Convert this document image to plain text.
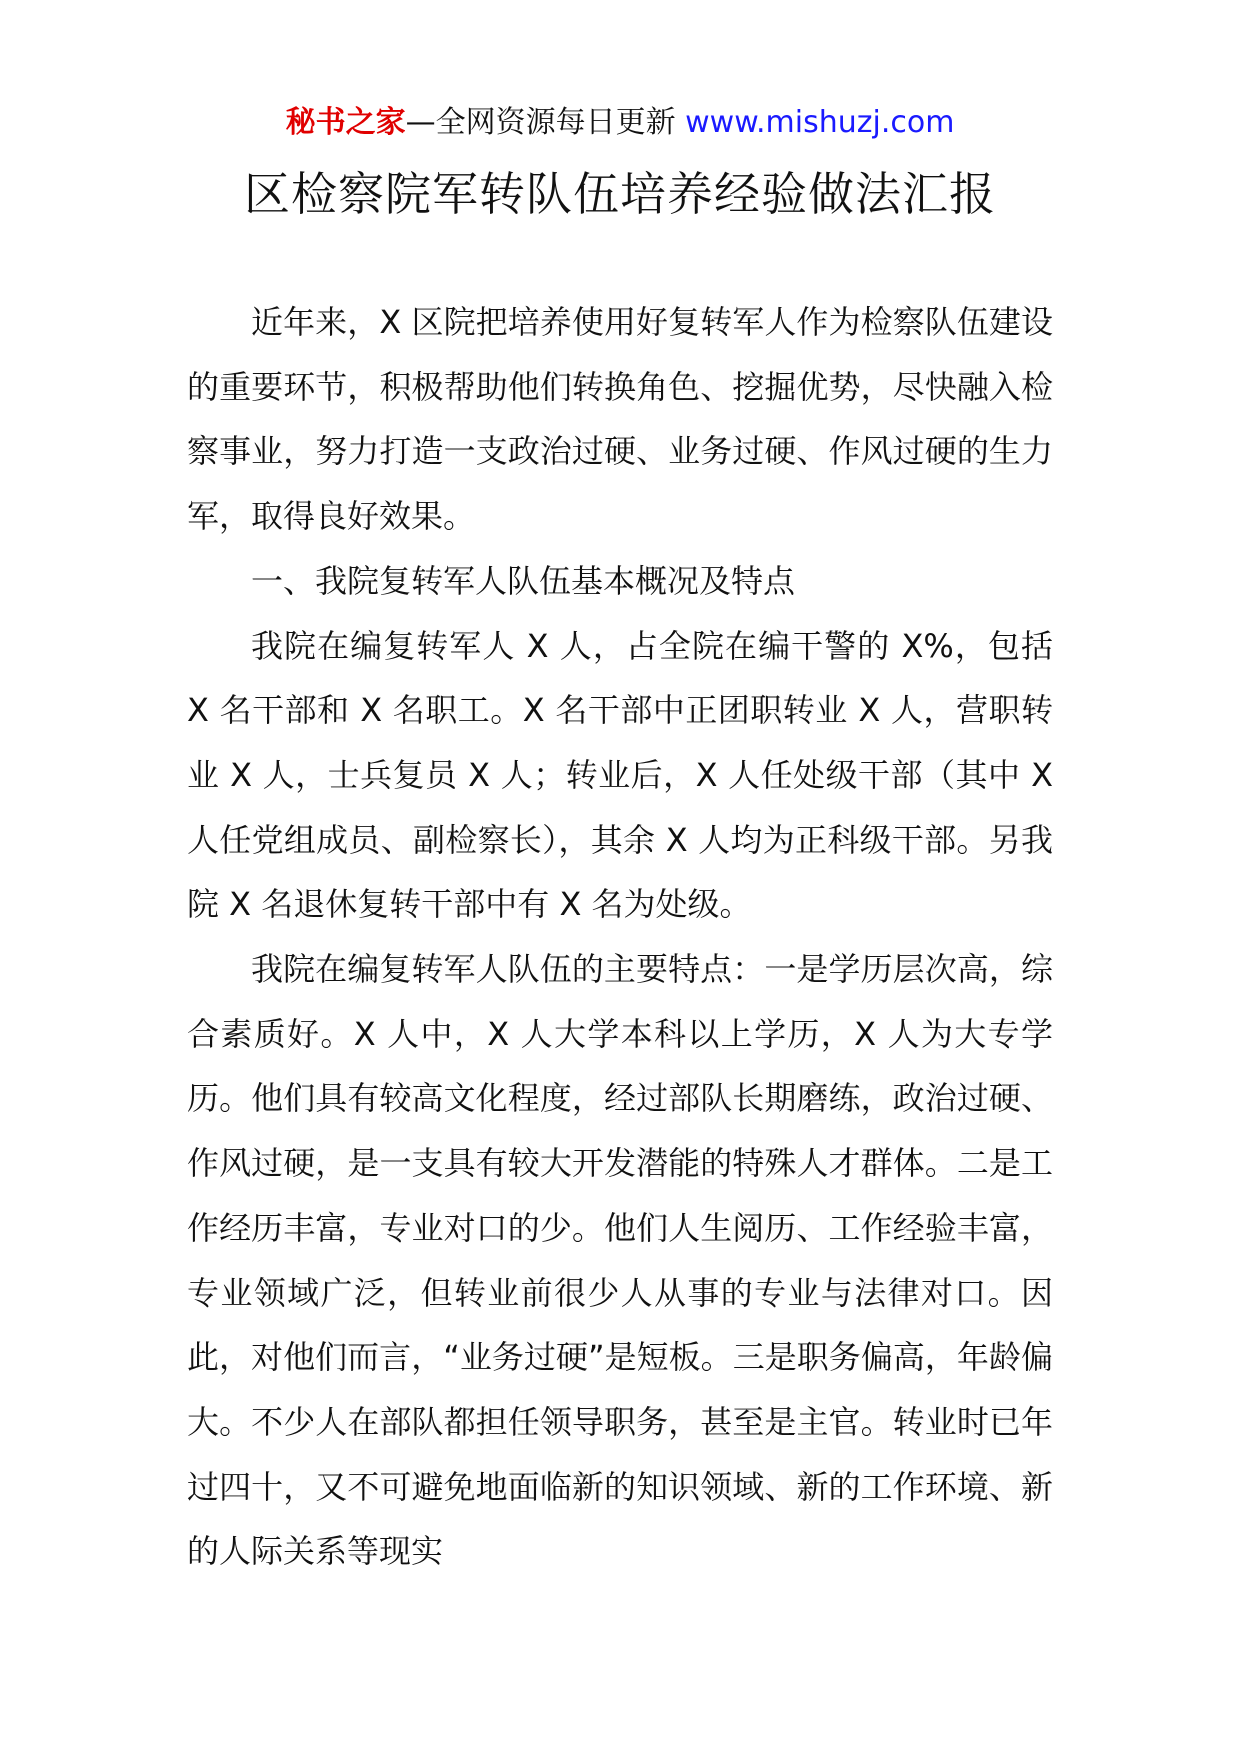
秘书之家—全网资源每日更新 www.mishuzj.com
区检察院军转队伍培养经验做法汇报

近年来，X 区院把培养使用好复转军人作为检察队伍建设的重要环节，积极帮助他们转换角色、挖掘优势，尽快融入检察事业，努力打造一支政治过硬、业务过硬、作风过硬的生力军，取得良好效果。

一、我院复转军人队伍基本概况及特点

我院在编复转军人 X 人，占全院在编干警的 X%，包括 X 名干部和 X 名职工。X 名干部中正团职转业 X 人，营职转业 X 人，士兵复员 X 人；转业后，X 人任处级干部（其中 X 人任党组成员、副检察长），其余 X 人均为正科级干部。另我院 X 名退休复转干部中有 X 名为处级。

我院在编复转军人队伍的主要特点：一是学历层次高，综合素质好。X 人中，X 人大学本科以上学历，X 人为大专学历。他们具有较高文化程度，经过部队长期磨练，政治过硬、作风过硬，是一支具有较大开发潜能的特殊人才群体。二是工作经历丰富，专业对口的少。他们人生阅历、工作经验丰富，专业领域广泛，但转业前很少人从事的专业与法律对口。因此，对他们而言，“业务过硬”是短板。三是职务偏高，年龄偏大。不少人在部队都担任领导职务，甚至是主官。转业时已年过四十，又不可避免地面临新的知识领域、新的工作环境、新的人际关系等现实
